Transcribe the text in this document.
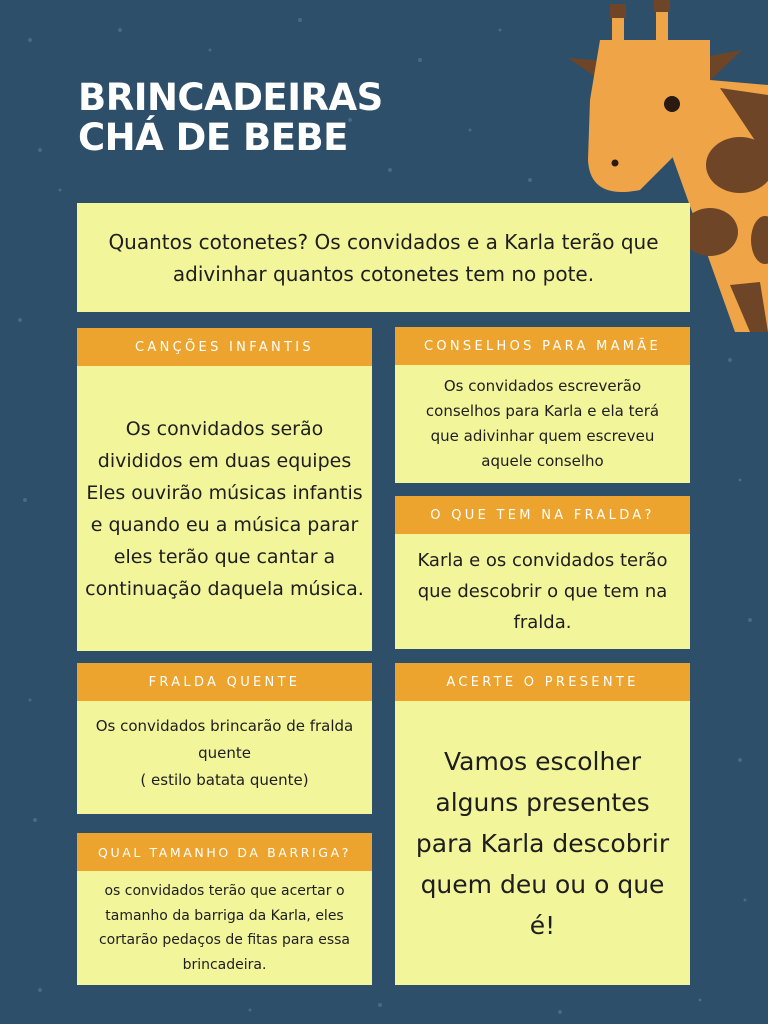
BRINCADEIRAS
CHÁ DE BEBE
Quantos cotonetes? Os convidados e a Karla terão que adivinhar quantos cotonetes tem no pote.
CANÇÕES INFANTIS
Os convidados serão divididos em duas equipes
Eles ouvirão músicas infantis e quando eu a música parar eles terão que cantar a continuação daquela música.
CONSELHOS PARA MAMÃE
Os convidados escreverão conselhos para Karla e ela terá que adivinhar quem escreveu aquele conselho
O QUE TEM NA FRALDA?
Karla e os convidados terão que descobrir o que tem na fralda.
FRALDA QUENTE
Os convidados brincarão de fralda quente
( estilo batata quente)
ACERTE O PRESENTE
Vamos escolher alguns presentes para Karla descobrir quem deu ou o que é!
QUAL TAMANHO DA BARRIGA?
os convidados terão que acertar o tamanho da barriga da Karla, eles cortarão pedaços de fitas para essa brincadeira.
